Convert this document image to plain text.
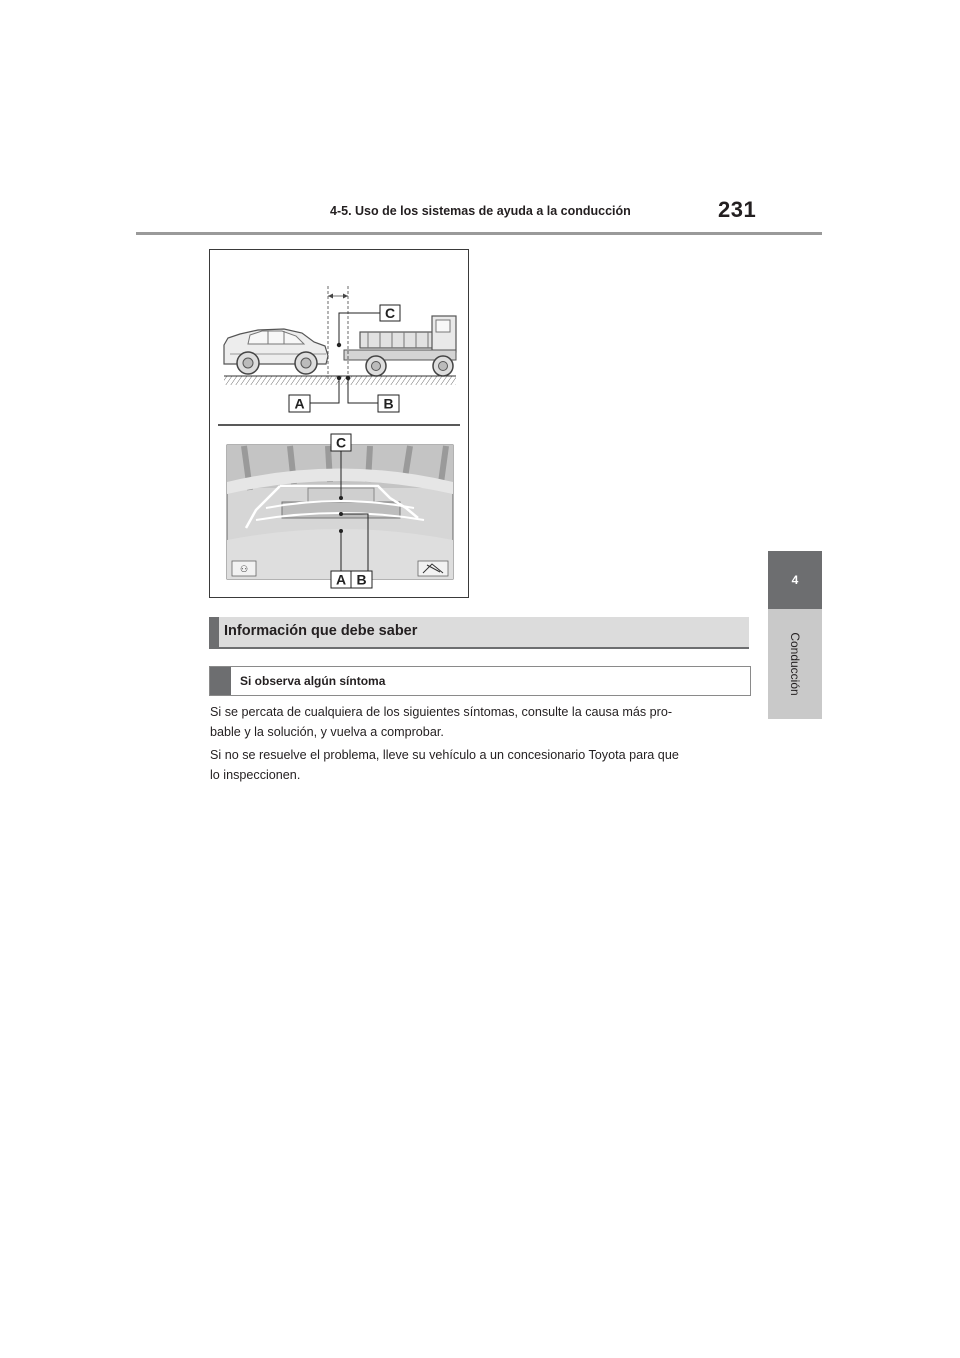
4-5. Uso de los sistemas de ayuda a la conducción	231
4
Conducción
C
A	B
⚇
C
A B
Información que debe saber
Si observa algún síntoma
Si se percata de cualquiera de los siguientes síntomas, consulte la causa más pro-
bable y la solución, y vuelva a comprobar.
Si no se resuelve el problema, lleve su vehículo a un concesionario Toyota para que
lo inspeccionen.
